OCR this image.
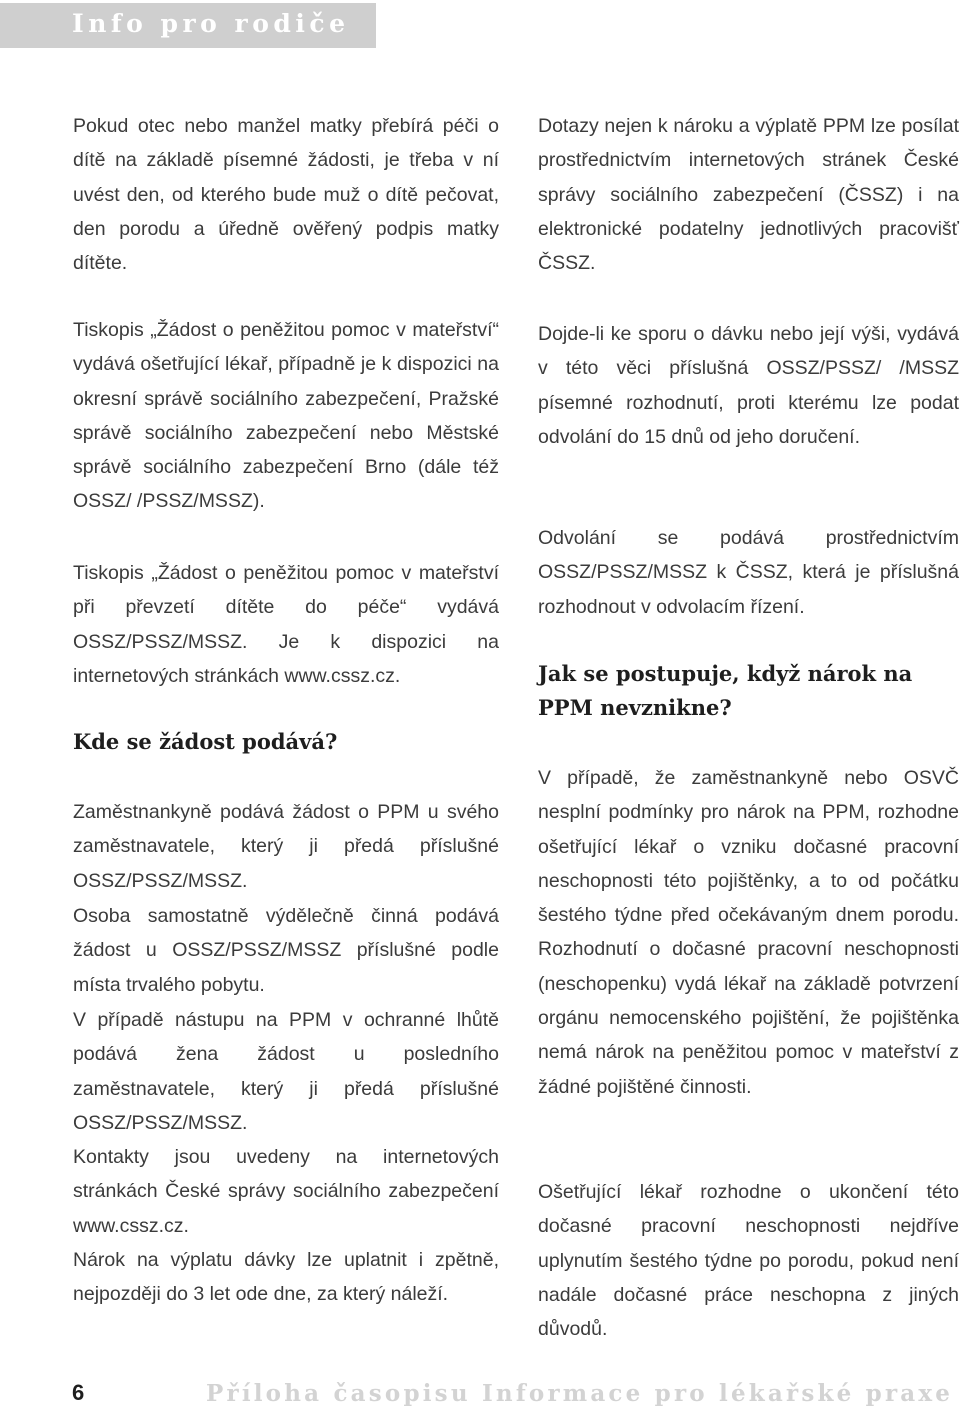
Info pro rodiče

Pokud otec nebo manžel matky přebírá péči o dítě na základě písemné žádosti, je třeba v ní uvést den, od kterého bude muž o dítě pečovat, den porodu a úředně ověřený podpis matky dítěte.

Tiskopis „Žádost o peněžitou pomoc v mateřství“ vydává ošetřující lékař, případně je k dispozici na okresní správě sociálního zabezpečení, Pražské správě sociálního zabezpečení nebo Městské správě sociálního zabezpečení Brno (dále též OSSZ/ /PSSZ/MSSZ).

Tiskopis „Žádost o peněžitou pomoc v mateřství při převzetí dítěte do péče“ vydává OSSZ/PSSZ/MSSZ. Je k dispozici na internetových stránkách www.cssz.cz.

Kde se žádost podává?

Zaměstnankyně podává žádost o PPM u svého zaměstnavatele, který ji předá příslušné OSSZ/PSSZ/MSSZ.

Osoba samostatně výdělečně činná podává žádost u OSSZ/PSSZ/MSSZ příslušné podle místa trvalého pobytu.

V případě nástupu na PPM v ochranné lhůtě podává žena žádost u posledního zaměstnavatele, který ji předá příslušné OSSZ/PSSZ/MSSZ.

Kontakty jsou uvedeny na internetových stránkách České správy sociálního zabezpečení www.cssz.cz.

Nárok na výplatu dávky lze uplatnit i zpětně, nejpozději do 3 let ode dne, za který náleží.

Dotazy nejen k nároku a výplatě PPM lze posílat prostřednictvím internetových stránek České správy sociálního zabezpečení (ČSSZ) i na elektronické podatelny jednotlivých pracovišť ČSSZ.

Dojde-li ke sporu o dávku nebo její výši, vydává v této věci příslušná OSSZ/PSSZ/ /MSSZ písemné rozhodnutí, proti kterému lze podat odvolání do 15 dnů od jeho doručení.

Odvolání se podává prostřednictvím OSSZ/PSSZ/MSSZ k ČSSZ, která je příslušná rozhodnout v odvolacím řízení.

Jak se postupuje, když nárok na PPM nevznikne?

V případě, že zaměstnankyně nebo OSVČ nesplní podmínky pro nárok na PPM, rozhodne ošetřující lékař o vzniku dočasné pracovní neschopnosti této pojištěnky, a to od počátku šestého týdne před očekávaným dnem porodu. Rozhodnutí o dočasné pracovní neschopnosti (neschopenku) vydá lékař na základě potvrzení orgánu nemocenského pojištění, že pojištěnka nemá nárok na peněžitou pomoc v mateřství z žádné pojištěné činnosti.

Ošetřující lékař rozhodne o ukončení této dočasné pracovní neschopnosti nejdříve uplynutím šestého týdne po porodu, pokud není nadále dočasné práce neschopna z jiných důvodů.

6	Příloha časopisu Informace pro lékařské praxe
